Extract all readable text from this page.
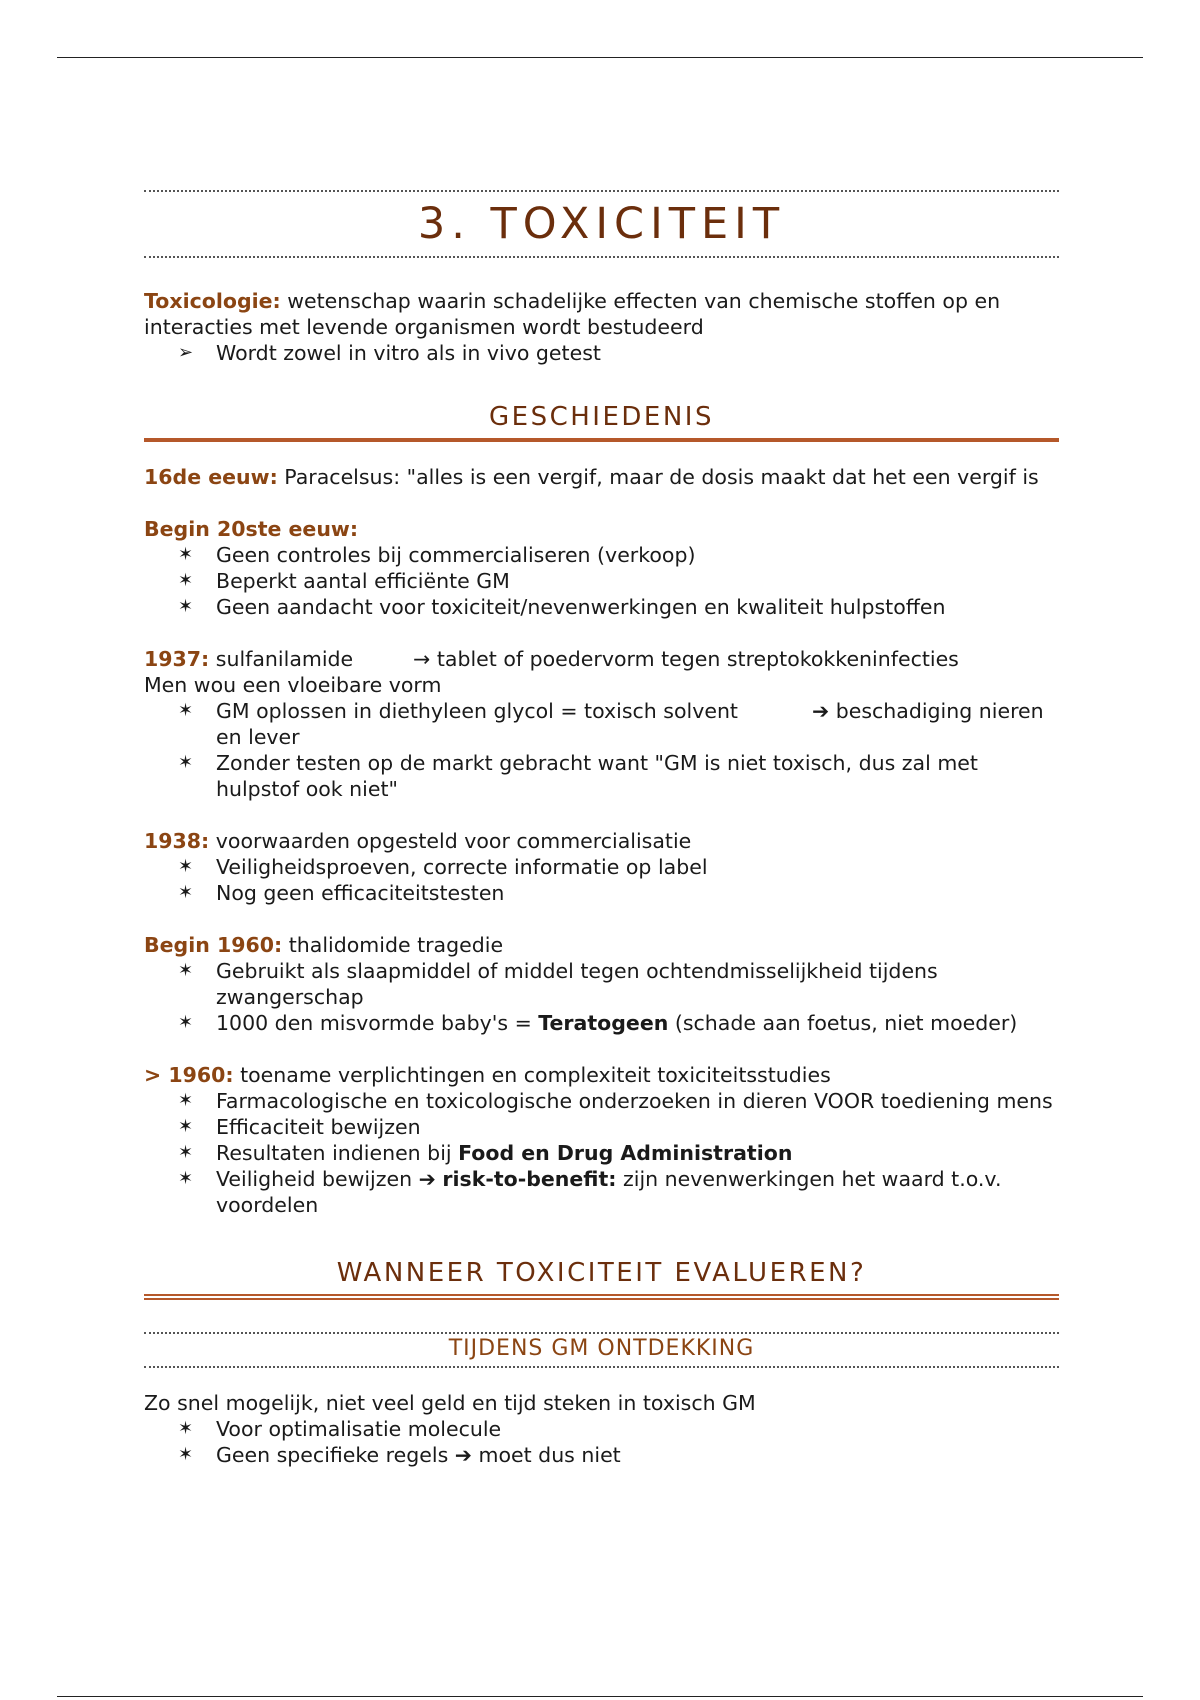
3. TOXICITEIT

Toxicologie: wetenschap waarin schadelijke effecten van chemische stoffen op en interacties met levende organismen wordt bestudeerd

➢ Wordt zowel in vitro als in vivo getest
GESCHIEDENIS

16de eeuw: Paracelsus: "alles is een vergif, maar de dosis maakt dat het een vergif is

Begin 20ste eeuw:

✶ Geen controles bij commercialiseren (verkoop)
✶ Beperkt aantal efficiënte GM
✶ Geen aandacht voor toxiciteit/nevenwerkingen en kwaliteit hulpstoffen

1937: sulfanilamide	→ tablet of poedervorm tegen streptokokkeninfecties

Men wou een vloeibare vorm

✶ GM oplossen in diethyleen glycol = toxisch solvent	➔ beschadiging nieren en lever
✶ Zonder testen op de markt gebracht want "GM is niet toxisch, dus zal met hulpstof ook niet"

1938: voorwaarden opgesteld voor commercialisatie

✶ Veiligheidsproeven, correcte informatie op label
✶ Nog geen efficaciteitstesten

Begin 1960: thalidomide tragedie

✶ Gebruikt als slaapmiddel of middel tegen ochtendmisselijkheid tijdens zwangerschap
✶ 1000 den misvormde baby's = Teratogeen (schade aan foetus, niet moeder)

> 1960: toename verplichtingen en complexiteit toxiciteitsstudies

✶ Farmacologische en toxicologische onderzoeken in dieren VOOR toediening mens
✶ Efficaciteit bewijzen
✶ Resultaten indienen bij Food en Drug Administration
✶ Veiligheid bewijzen ➔ risk-to-benefit: zijn nevenwerkingen het waard t.o.v. voordelen
WANNEER TOXICITEIT EVALUEREN?
TIJDENS GM ONTDEKKING

Zo snel mogelijk, niet veel geld en tijd steken in toxisch GM

✶ Voor optimalisatie molecule
✶ Geen specifieke regels ➔ moet dus niet
